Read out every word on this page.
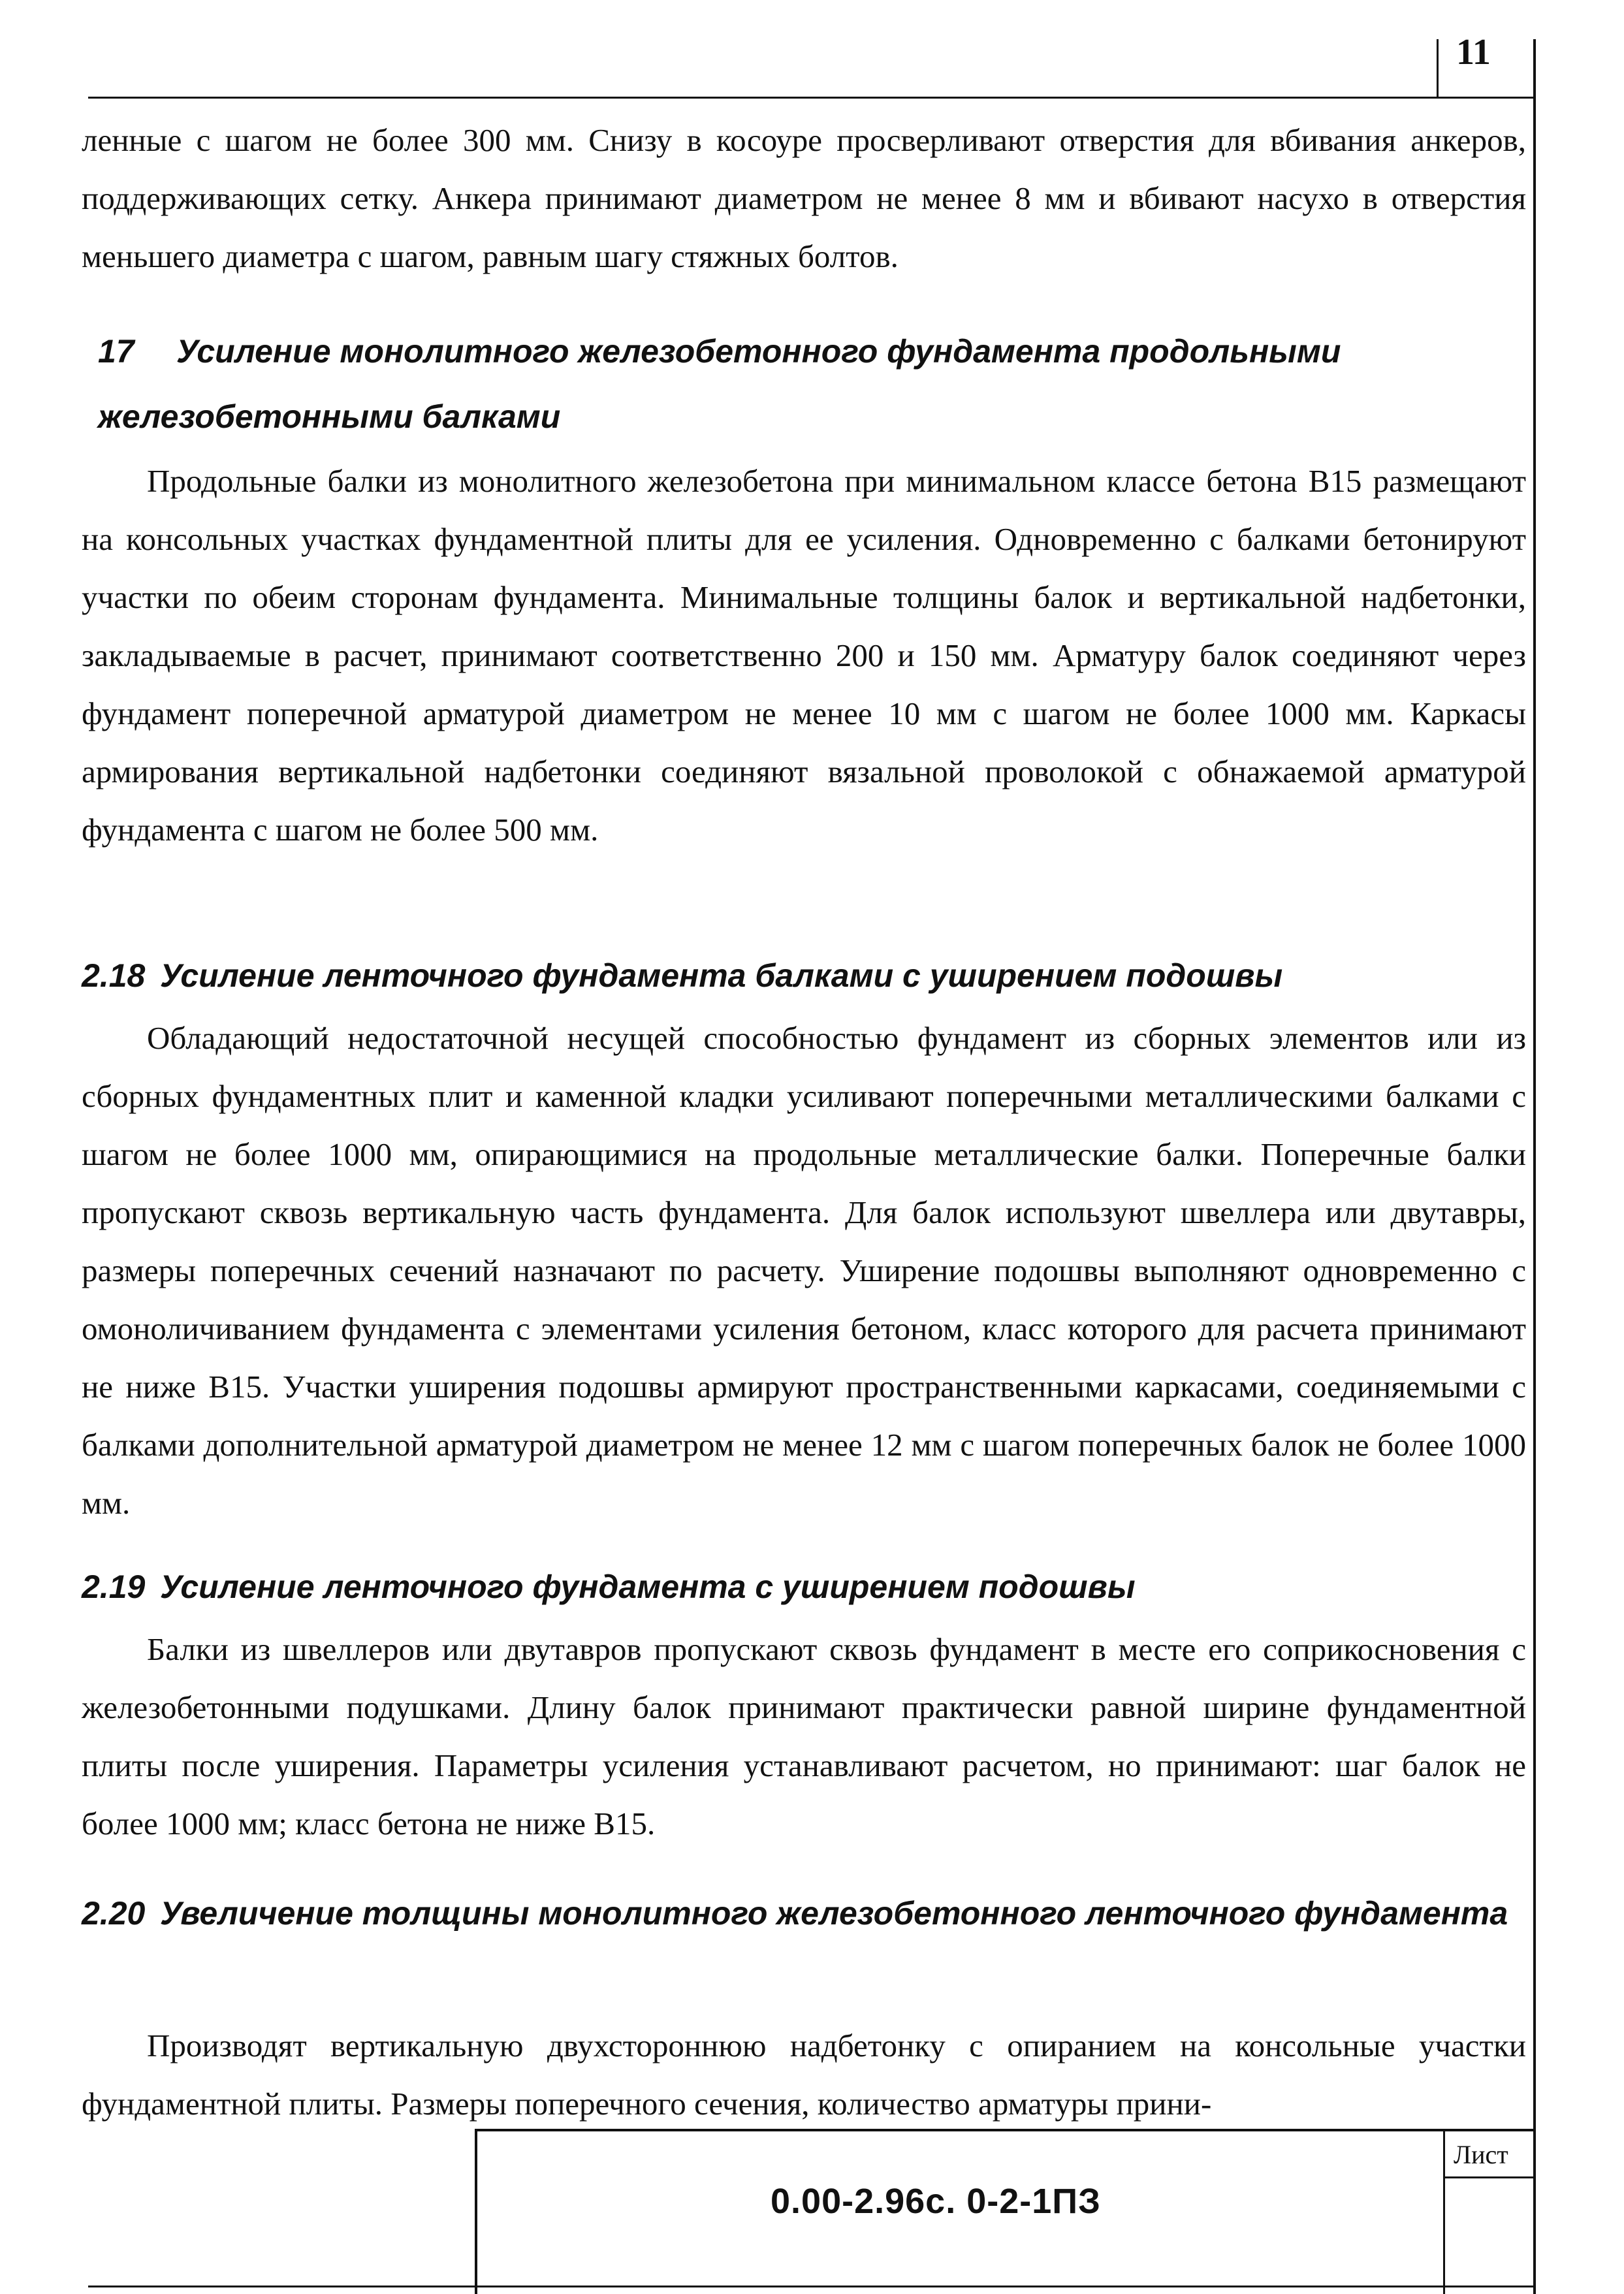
11

ленные с шагом не более 300 мм. Снизу в косоуре просверливают отверстия для вбивания анкеров, поддерживающих сетку. Анкера принимают диаметром не менее 8 мм и вбивают насухо в отверстия меньшего диаметра с шагом, равным шагу стяжных болтов.

17 Усиление монолитного железобетонного фундамента продольными железобетонными балками

Продольные балки из монолитного железобетона при минимальном классе бетона В15 размещают на консольных участках фундаментной плиты для ее усиления. Одновременно с балками бетонируют участки по обеим сторонам фундамента. Минимальные толщины балок и вертикальной надбетонки, закладываемые в расчет, принимают соответственно 200 и 150 мм. Арматуру балок соединяют через фундамент поперечной арматурой диаметром не менее 10 мм с шагом не более 1000 мм. Каркасы армирования вертикальной надбетонки соединяют вязальной проволокой с обнажаемой арматурой фундамента с шагом не более 500 мм.

2.18 Усиление ленточного фундамента балками с уширением подошвы

Обладающий недостаточной несущей способностью фундамент из сборных элементов или из сборных фундаментных плит и каменной кладки усиливают поперечными металлическими балками с шагом не более 1000 мм, опирающимися на продольные металлические балки. Поперечные балки пропускают сквозь вертикальную часть фундамента. Для балок используют швеллера или двутавры, размеры поперечных сечений назначают по расчету. Уширение подошвы выполняют одновременно с омоноличиванием фундамента с элементами усиления бетоном, класс которого для расчета принимают не ниже В15. Участки уширения подошвы армируют пространственными каркасами, соединяемыми с балками дополнительной арматурой диаметром не менее 12 мм с шагом поперечных балок не более 1000 мм.

2.19 Усиление ленточного фундамента с уширением подошвы

Балки из швеллеров или двутавров пропускают сквозь фундамент в месте его соприкосновения с железобетонными подушками. Длину балок принимают практически равной ширине фундаментной плиты после уширения. Параметры усиления устанавливают расчетом, но принимают: шаг балок не более 1000 мм; класс бетона не ниже В15.

2.20 Увеличение толщины монолитного железобетонного ленточного фундамента

Производят вертикальную двухстороннюю надбетонку с опиранием на консольные участки фундаментной плиты. Размеры поперечного сечения, количество арматуры прини-

Лист
0.00-2.96с. 0-2-1ПЗ
